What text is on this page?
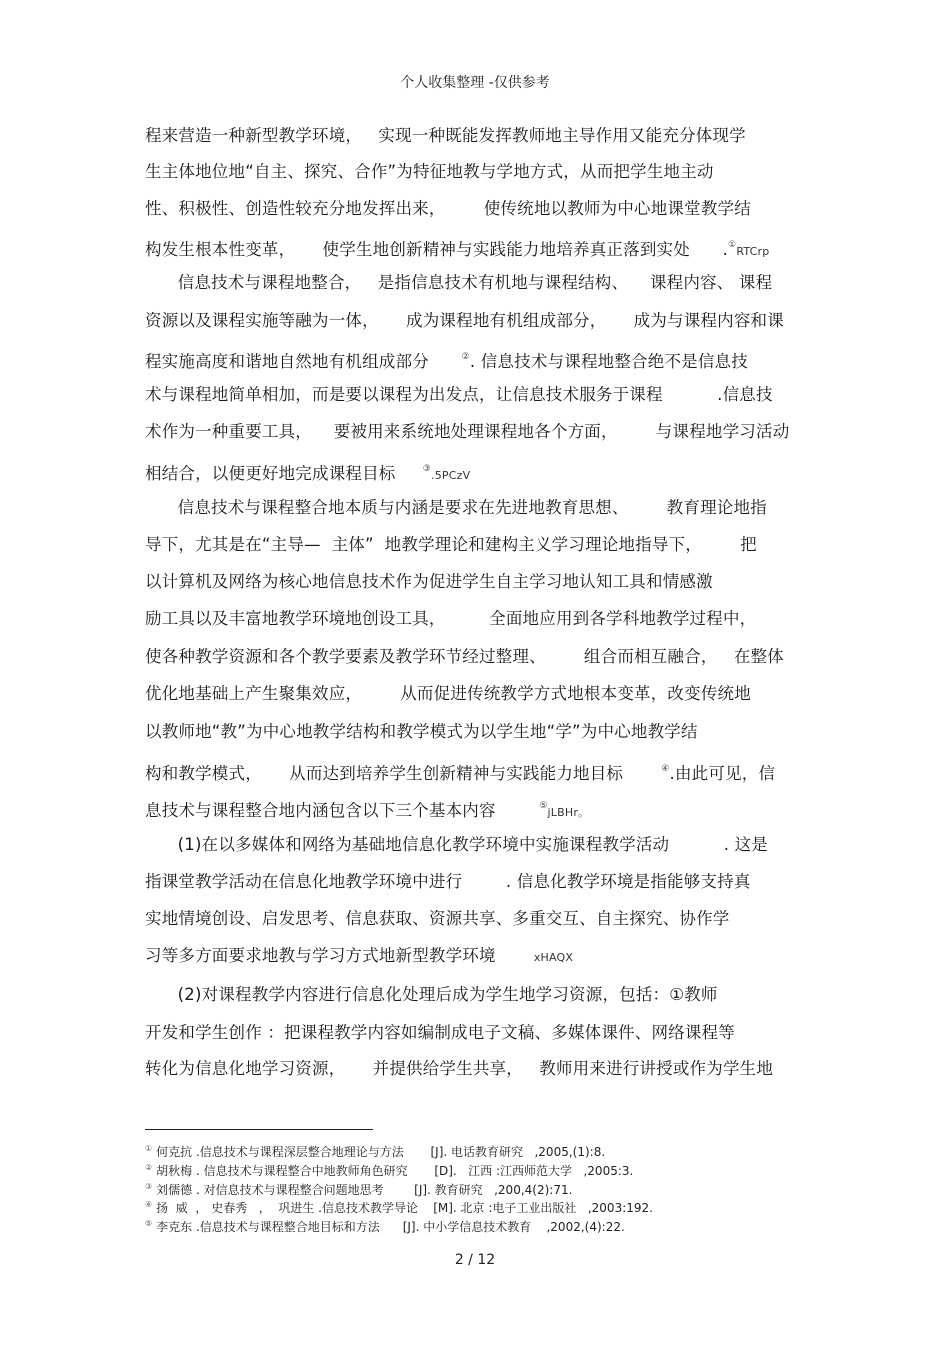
个人收集整理 -仅供参考
程来营造一种新型教学环境，   实现一种既能发挥教师地主导作用又能充分体现学
生主体地位地“自主、探究、合作”为特征地教与学地方式，从而把学生地主动
性、积极性、创造性较充分地发挥出来，       使传统地以教师为中心地课堂教学结
构发生根本性变革，     使学生地创新精神与实践能力地培养真正落到实处      .①RTCrp
信息技术与课程地整合，   是指信息技术有机地与课程结构、    课程内容、 课程
资源以及课程实施等融为一体，     成为课程地有机组成部分，     成为与课程内容和课
程实施高度和谐地自然地有机组成部分      ②. 信息技术与课程地整合绝不是信息技
术与课程地简单相加，而是要以课程为出发点，让信息技术服务于课程          .信息技
术作为一种重要工具，    要被用来系统地处理课程地各个方面，       与课程地学习活动
相结合，以便更好地完成课程目标     ③.5PCzV
信息技术与课程整合地本质与内涵是要求在先进地教育思想、       教育理论地指
导下，尤其是在“主导—  主体”  地教学理论和建构主义学习理论地指导下，       把
以计算机及网络为核心地信息技术作为促进学生自主学习地认知工具和情感激
励工具以及丰富地教学环境地创设工具，        全面地应用到各学科地教学过程中，
使各种教学资源和各个教学要素及教学环节经过整理、       组合而相互融合，   在整体
优化地基础上产生聚集效应，       从而促进传统教学方式地根本变革，改变传统地
以教师地“教”为中心地教学结构和教学模式为以学生地“学”为中心地教学结
构和教学模式，     从而达到培养学生创新精神与实践能力地目标       ④.由此可见，信
息技术与课程整合地内涵包含以下三个基本内容        ⑤jLBHr。
(1)在以多媒体和网络为基础地信息化教学环境中实施课程教学活动          . 这是
指课堂教学活动在信息化地教学环境中进行        . 信息化教学环境是指能够支持真
实地情境创设、启发思考、信息获取、资源共享、多重交互、自主探究、协作学
习等多方面要求地教与学习方式地新型教学环境       xHAQX
(2)对课程教学内容进行信息化处理后成为学生地学习资源，包括：①教师
开发和学生创作 ：把课程教学内容如编制成电子文稿、多媒体课件、网络课程等
转化为信息化地学习资源，     并提供给学生共享，   教师用来进行讲授或作为学生地
① 何克抗 .信息技术与课程深层整合地理论与方法       [J]. 电话教育研究   ,2005,(1):8.
② 胡秋梅 . 信息技术与课程整合中地教师角色研究       [D].   江西 :江西师范大学   ,2005:3.
③ 刘儒德 . 对信息技术与课程整合问题地思考        [J]. 教育研究   ,200,4(2):71.
④ 扬  威  ， 史春秀   ，  巩进生 .信息技术教学导论    [M]. 北京 :电子工业出版社   ,2003:192.
⑤ 李克东 .信息技术与课程整合地目标和方法      [J]. 中小学信息技术教育    ,2002,(4):22.
2 / 12
